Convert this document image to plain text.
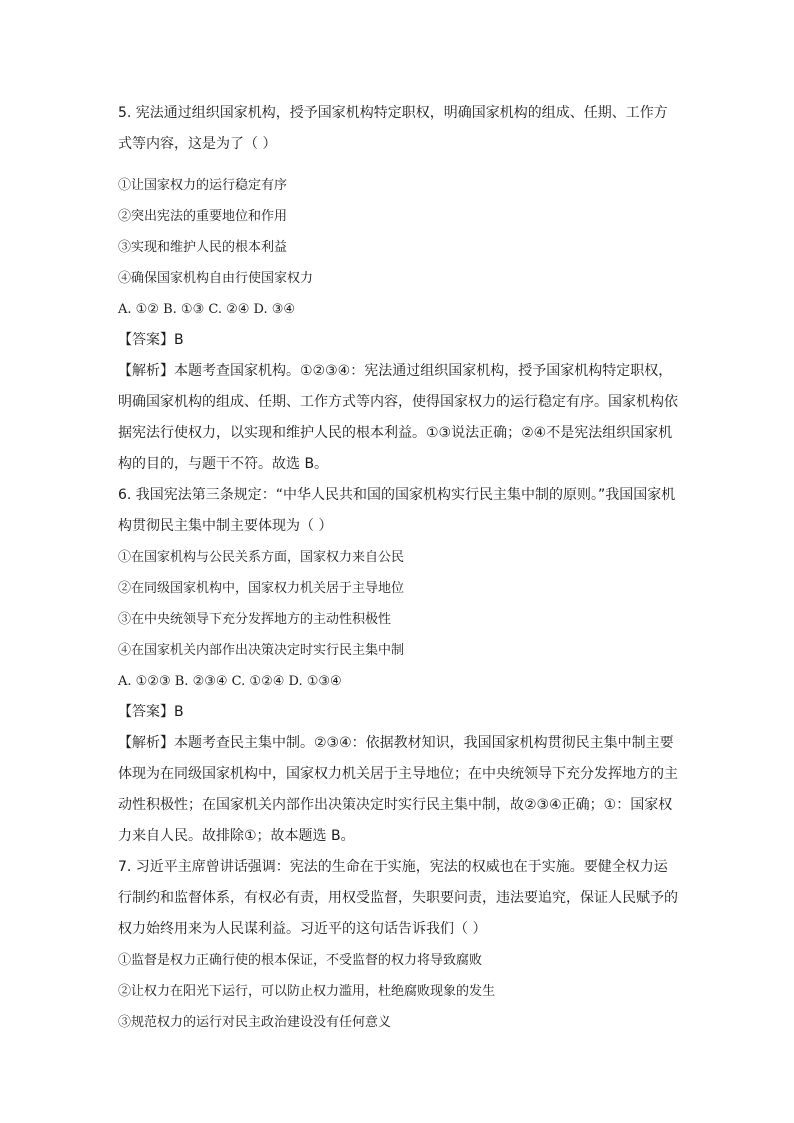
5. 宪法通过组织国家机构，授予国家机构特定职权，明确国家机构的组成、任期、工作方
式等内容，这是为了（ ）
①让国家权力的运行稳定有序
②突出宪法的重要地位和作用
③实现和维护人民的根本利益
④确保国家机构自由行使国家权力
A. ①② B. ①③ C. ②④ D. ③④
【答案】B
【解析】本题考查国家机构。①②③④：宪法通过组织国家机构，授予国家机构特定职权，
明确国家机构的组成、任期、工作方式等内容，使得国家权力的运行稳定有序。国家机构依
据宪法行使权力，以实现和维护人民的根本利益。①③说法正确；②④不是宪法组织国家机
构的目的，与题干不符。故选 B。
6. 我国宪法第三条规定：“中华人民共和国的国家机构实行民主集中制的原则。”我国国家机
构贯彻民主集中制主要体现为（ ）
①在国家机构与公民关系方面，国家权力来自公民
②在同级国家机构中，国家权力机关居于主导地位
③在中央统领导下充分发挥地方的主动性积极性
④在国家机关内部作出决策决定时实行民主集中制
A. ①②③ B. ②③④ C. ①②④ D. ①③④
【答案】B
【解析】本题考查民主集中制。②③④：依据教材知识，我国国家机构贯彻民主集中制主要
体现为在同级国家机构中，国家权力机关居于主导地位；在中央统领导下充分发挥地方的主
动性积极性；在国家机关内部作出决策决定时实行民主集中制，故②③④正确；①：国家权
力来自人民。故排除①；故本题选 B。
7. 习近平主席曾讲话强调：宪法的生命在于实施，宪法的权威也在于实施。要健全权力运
行制约和监督体系，有权必有责，用权受监督，失职要问责，违法要追究，保证人民赋予的
权力始终用来为人民谋利益。习近平的这句话告诉我们（ ）
①监督是权力正确行使的根本保证，不受监督的权力将导致腐败
②让权力在阳光下运行，可以防止权力滥用，杜绝腐败现象的发生
③规范权力的运行对民主政治建设没有任何意义
